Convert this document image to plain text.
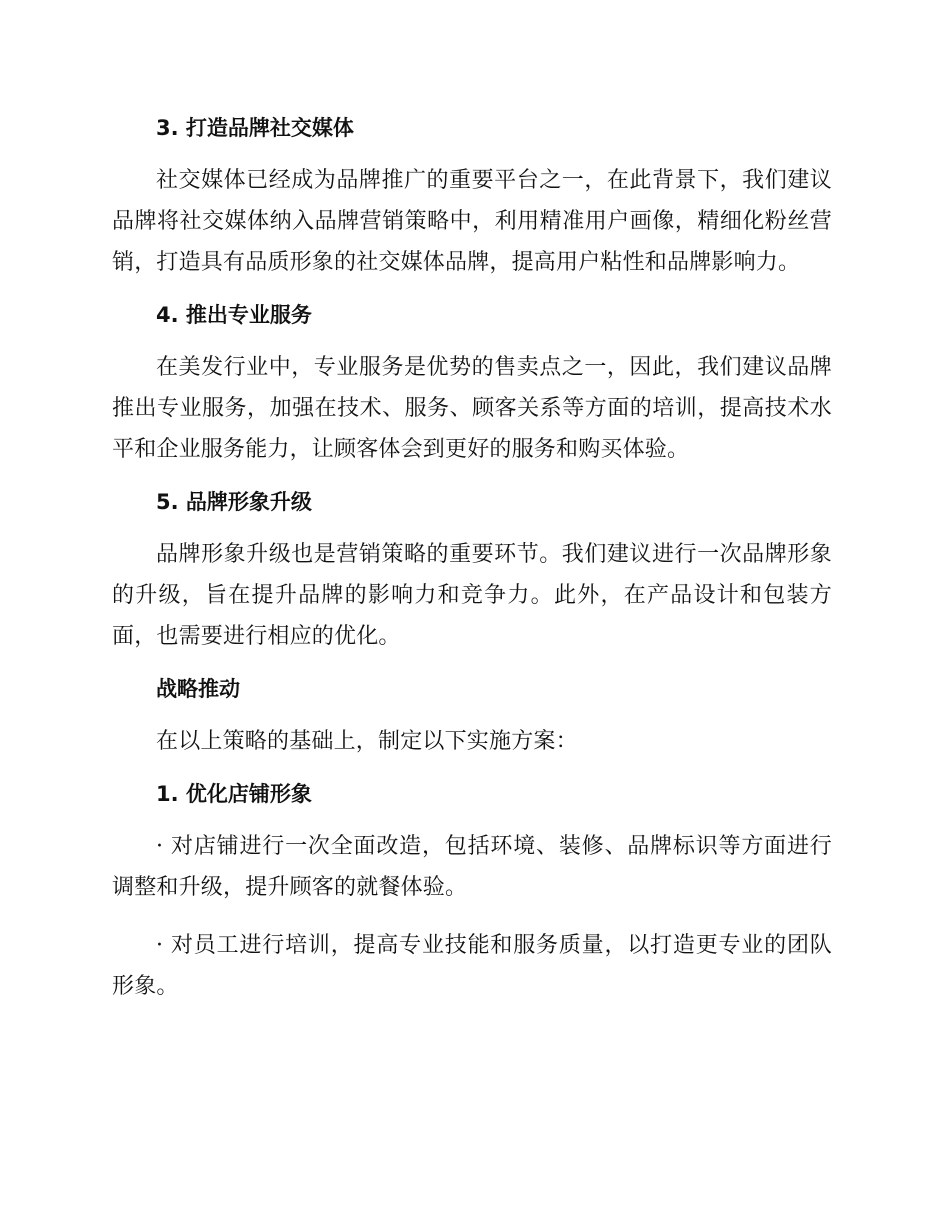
3. 打造品牌社交媒体

社交媒体已经成为品牌推广的重要平台之一，在此背景下，我们建议品牌将社交媒体纳入品牌营销策略中，利用精准用户画像，精细化粉丝营销，打造具有品质形象的社交媒体品牌，提高用户粘性和品牌影响力。

4. 推出专业服务

在美发行业中，专业服务是优势的售卖点之一，因此，我们建议品牌推出专业服务，加强在技术、服务、顾客关系等方面的培训，提高技术水平和企业服务能力，让顾客体会到更好的服务和购买体验。

5. 品牌形象升级

品牌形象升级也是营销策略的重要环节。我们建议进行一次品牌形象的升级，旨在提升品牌的影响力和竞争力。此外，在产品设计和包装方面，也需要进行相应的优化。

战略推动

在以上策略的基础上，制定以下实施方案：

1. 优化店铺形象

· 对店铺进行一次全面改造，包括环境、装修、品牌标识等方面进行调整和升级，提升顾客的就餐体验。

· 对员工进行培训，提高专业技能和服务质量，以打造更专业的团队形象。
